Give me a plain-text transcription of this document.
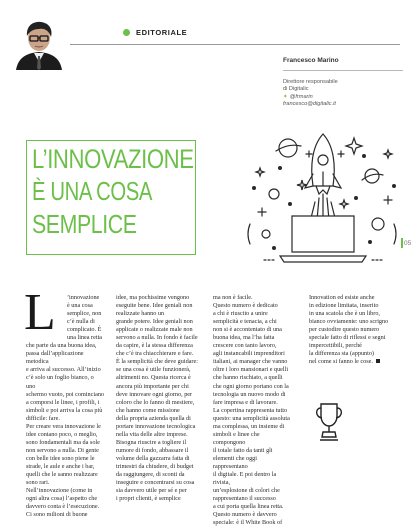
EDITORIALE
Francesco Marino
Direttore responsabile
di Digitalic
✦ @frmarin
francesco@digitalic.it
L’INNOVAZIONE
È UNA COSA
SEMPLICE
05
L	’innovazione
è una cosa
semplice, non
c’è nulla di
complicato. È
una linea retta
che parte da una buona idea,
passa dall’applicazione metodica
e arriva al successo. All’inizio
c’è solo un foglio bianco, o uno
schermo vuoto, poi cominciano
a comporsi le linee, i profili, i
simboli e poi arriva la cosa più
difficile: fare.
Per creare vera innovazione le
idee contano poco, o meglio,
sono fondamentali ma da sole
non servono a nulla. Di gente
con belle idee sono piene le
strade, le aule e anche i bar,
quelli che le sanno realizzare
sono rari.
Nell’innovazione (come in
ogni altra cosa) l’aspetto che
davvero conta è l’esecuzione.
Ci sono milioni di buone
idee, ma pochissime vengono
eseguite bene. Idee geniali non
realizzate hanno un
grande potere. Idee geniali non
applicate o realizzate male non
servono a nulla. In fondo è facile
da capire, è la stessa differenza
che c’è tra chiacchierare e fare.
È la semplicità che deve guidare:
se una cosa è utile funzionerà,
altrimenti no. Questa ricerca è
ancora più importante per chi
deve innovare ogni giorno, per
coloro che lo fanno di mestiere,
che hanno come missione
della propria azienda quella di
portare innovazione tecnologica
nella vita delle altre imprese.
Bisogna riuscire a togliere il
rumore di fondo, abbassare il
volume della gazzarra fatta di
trimestri da chiudere, di budget
da raggiungere, di sconti da
inseguire e concentrarsi su cosa
sia davvero utile per sé e per
i propri clienti, è semplice
ma non è facile.
Questo numero è dedicato
a chi è riuscito a unire
semplicità e tenacia, a chi
non si è accontentato di una
buona idea, ma l’ha fatta
crescere con tanto lavoro,
agli instancabili imprenditori
italiani, ai manager che vanno
oltre i loro mansionari e quelli
che hanno rischiato, a quelli
che ogni giorno portano con la
tecnologia un nuovo modo di
fare impresa e di lavorare.
La copertina rappresenta tutto
questo: una semplicità assoluta
ma complessa, un insieme di
simboli e linee che compongono
il totale fatto da tanti gli
elementi che oggi rappresentano
il digitale. E poi dentro la rivista,
un’esplosione di colori che
rappresentano il successo
a cui porta quella linea retta.
Questo numero è davvero
speciale: è il White Book of
Innovation ed esiste anche
in edizione limitata, inserito
in una scatola che è un libro,
bianco ovviamente: uno scrigno
per custodire questo numero
speciale fatto di riflessi e segni
impercettibili, perché
la differenza sta (appunto)
nel come si fanno le cose.
